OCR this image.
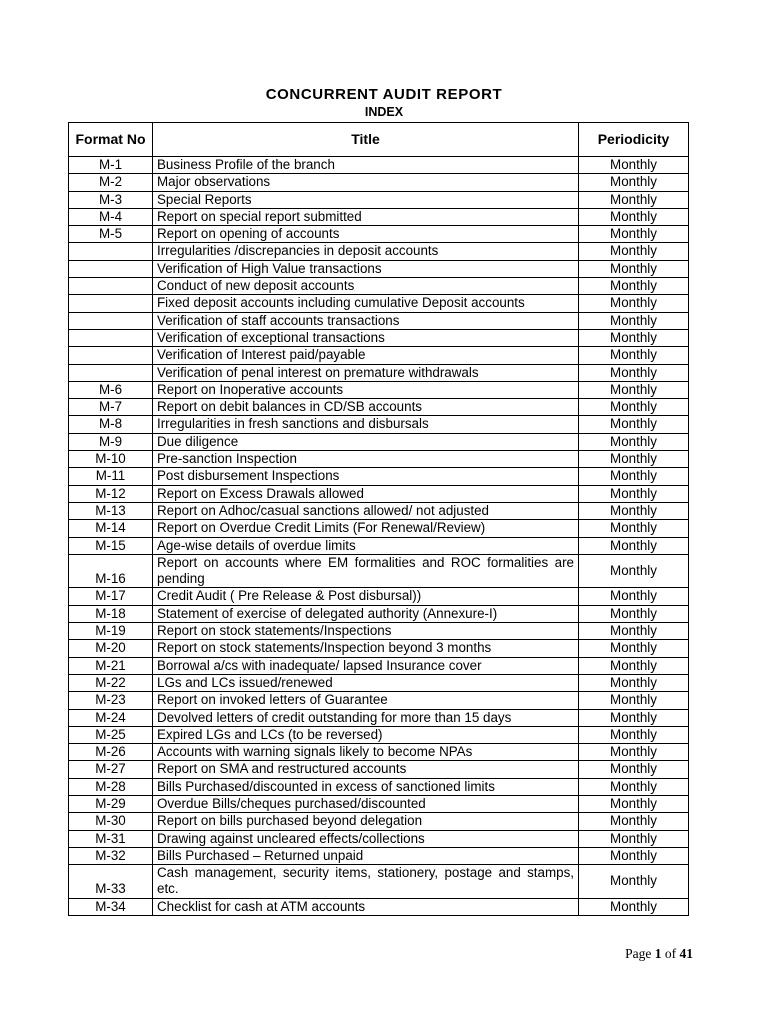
CONCURRENT AUDIT REPORT
INDEX
Format No	Title	Periodicity
M-1	Business Profile of the branch	Monthly
M-2	Major observations	Monthly
M-3	Special Reports	Monthly
M-4	Report on special report submitted	Monthly
M-5	Report on opening of accounts	Monthly
	Irregularities /discrepancies in deposit accounts	Monthly
	Verification of High Value transactions	Monthly
	Conduct of new deposit accounts	Monthly
	Fixed deposit accounts including cumulative Deposit accounts	Monthly
	Verification of staff accounts transactions	Monthly
	Verification of exceptional transactions	Monthly
	Verification of Interest paid/payable	Monthly
	Verification of penal interest on premature withdrawals	Monthly
M-6	Report on Inoperative accounts	Monthly
M-7	Report on debit balances in CD/SB accounts	Monthly
M-8	Irregularities in fresh sanctions and disbursals	Monthly
M-9	Due diligence	Monthly
M-10	Pre-sanction Inspection	Monthly
M-11	Post disbursement Inspections	Monthly
M-12	Report on Excess Drawals allowed	Monthly
M-13	Report on Adhoc/casual sanctions allowed/ not adjusted	Monthly
M-14	Report on Overdue Credit Limits (For Renewal/Review)	Monthly
M-15	Age-wise details of overdue limits	Monthly
M-16	Report on accounts where EM formalities and ROC formalities are pending	Monthly
M-17	Credit Audit ( Pre Release & Post disbursal))	Monthly
M-18	Statement of exercise of delegated authority (Annexure-I)	Monthly
M-19	Report on stock statements/Inspections	Monthly
M-20	Report on stock statements/Inspection beyond 3 months	Monthly
M-21	Borrowal a/cs with inadequate/ lapsed Insurance cover	Monthly
M-22	LGs and LCs issued/renewed	Monthly
M-23	Report on invoked letters of Guarantee	Monthly
M-24	Devolved letters of credit outstanding for more than 15 days	Monthly
M-25	Expired LGs and LCs (to be reversed)	Monthly
M-26	Accounts with warning signals likely to become NPAs	Monthly
M-27	Report on SMA and restructured accounts	Monthly
M-28	Bills Purchased/discounted in excess of sanctioned limits	Monthly
M-29	Overdue Bills/cheques purchased/discounted	Monthly
M-30	Report on bills purchased beyond delegation	Monthly
M-31	Drawing against uncleared effects/collections	Monthly
M-32	Bills Purchased – Returned unpaid	Monthly
M-33	Cash management, security items, stationery, postage and stamps, etc.	Monthly
M-34	Checklist for cash at ATM accounts	Monthly
Page 1 of 41
